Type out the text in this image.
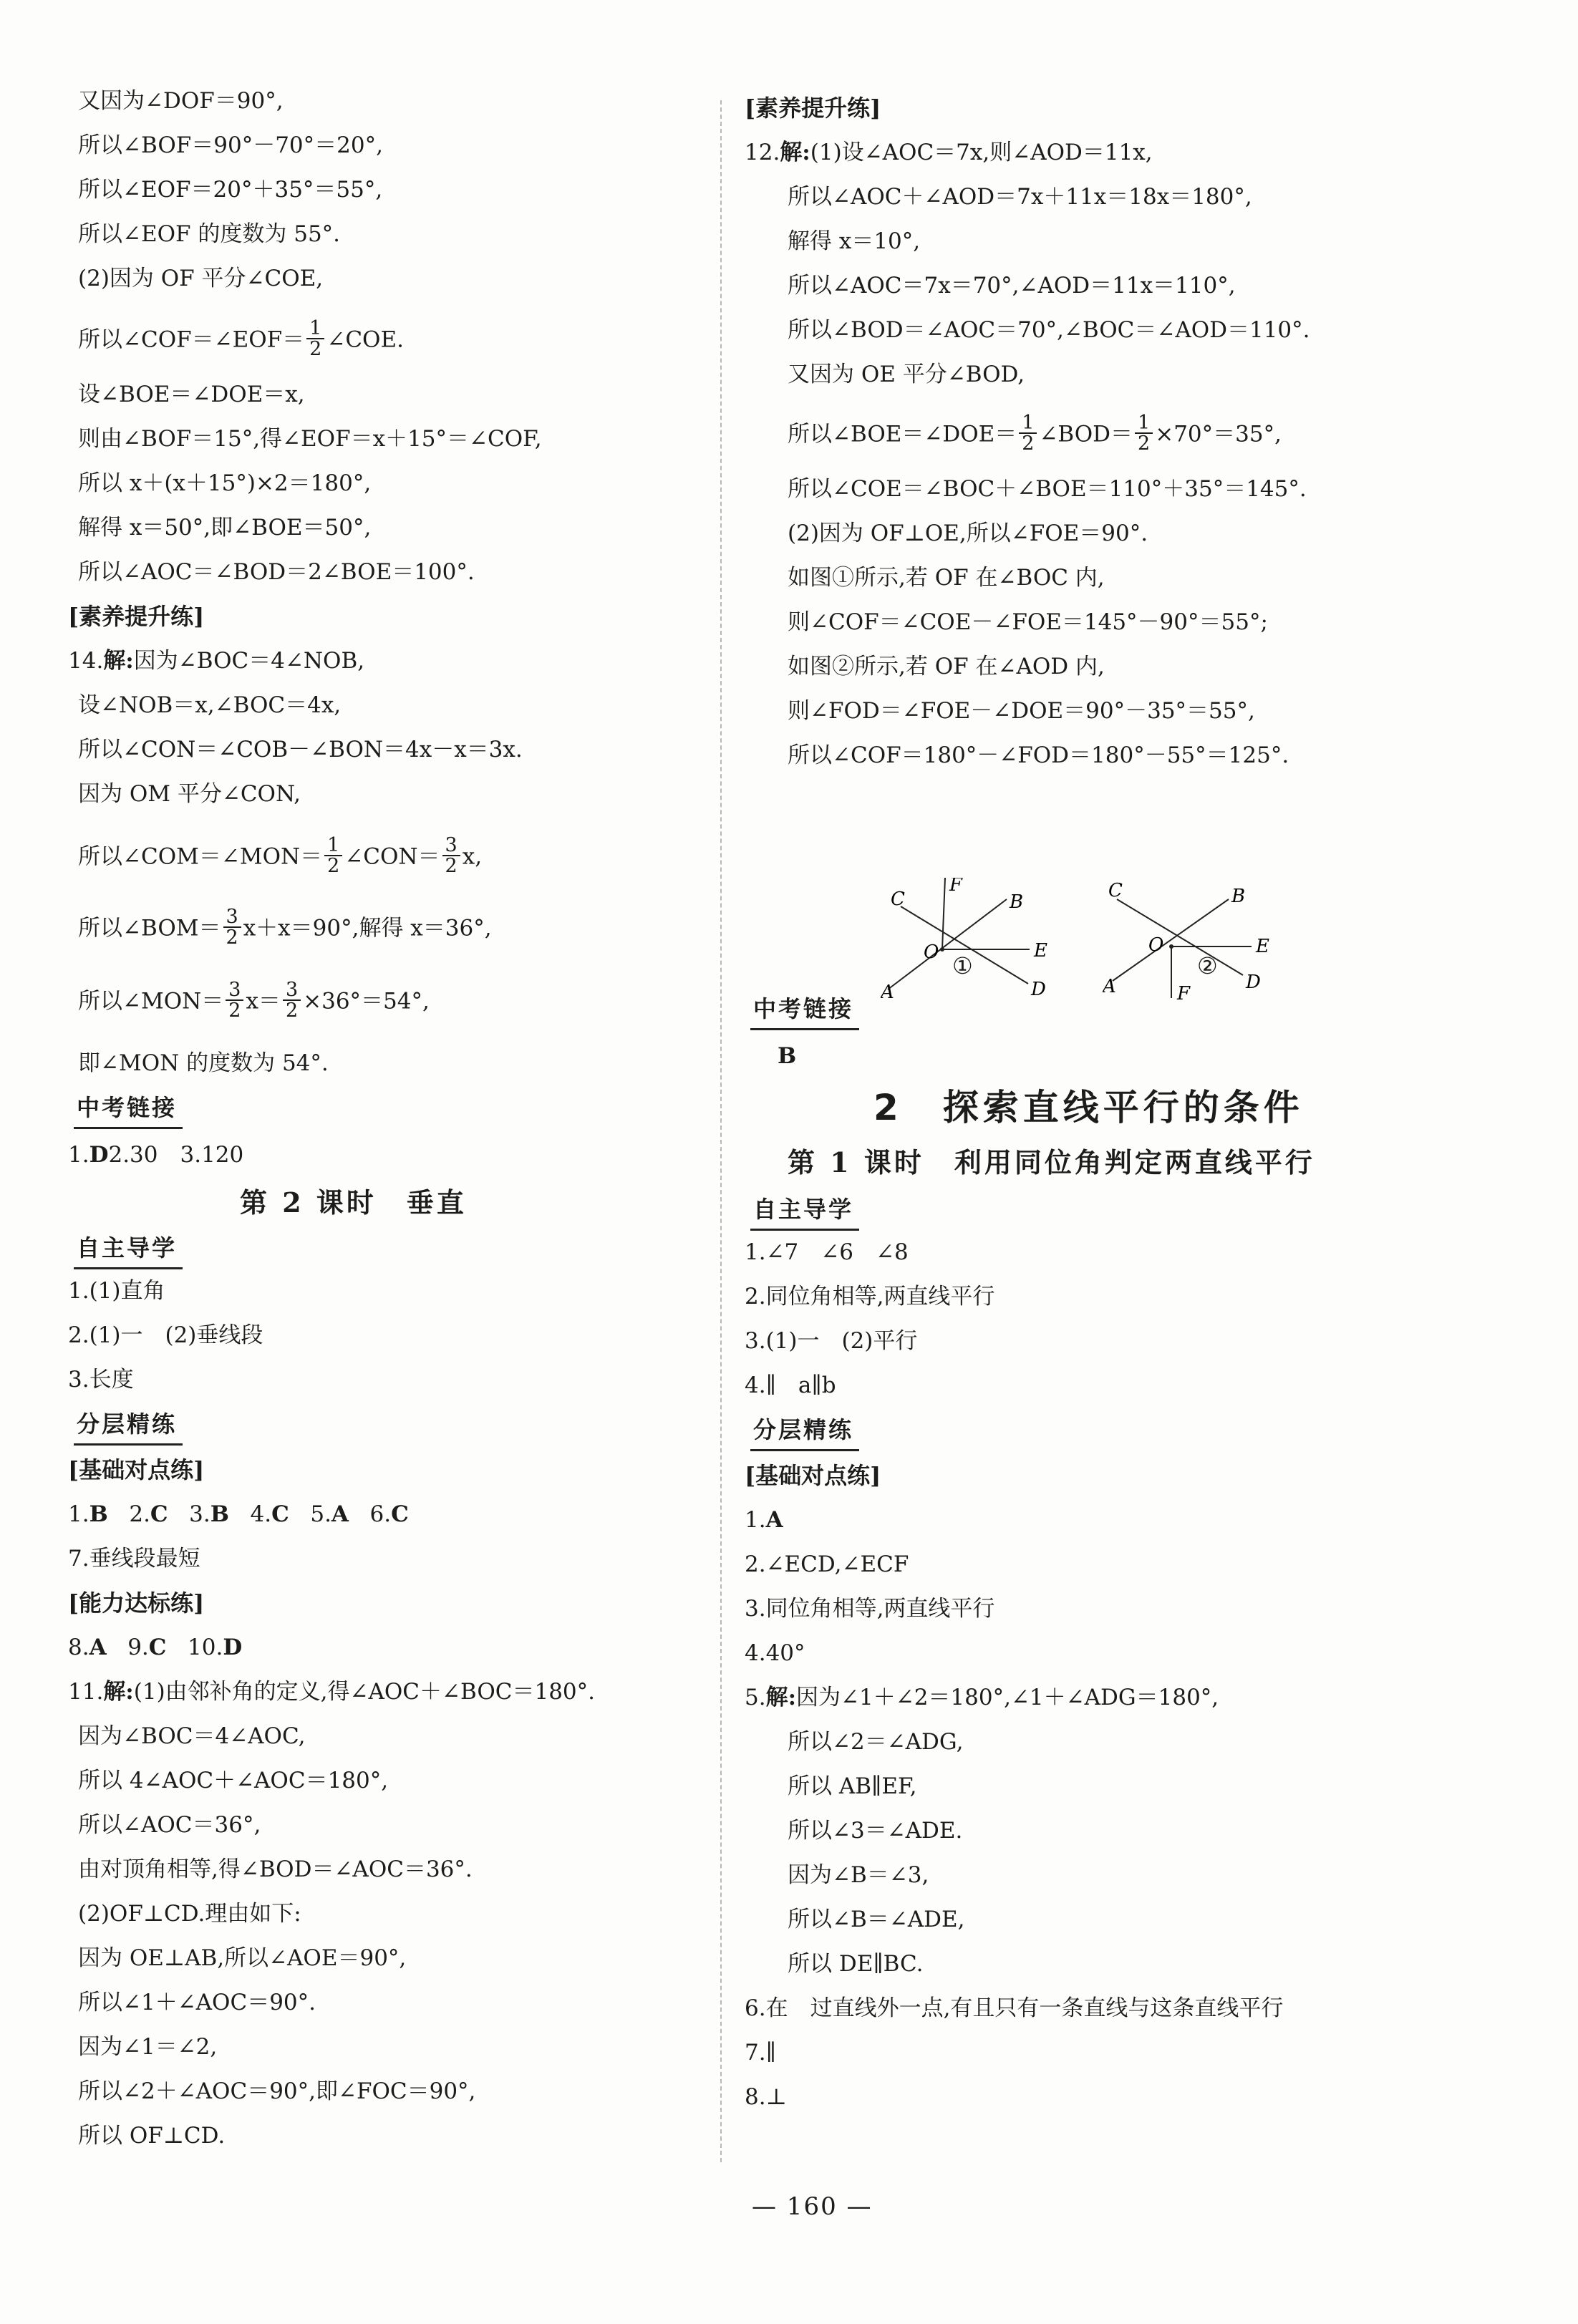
又因为∠DOF＝90°,
所以∠BOF＝90°－70°＝20°,
所以∠EOF＝20°＋35°＝55°,
所以∠EOF 的度数为 55°.
(2)因为 OF 平分∠COE,
所以∠COF＝∠EOF＝ $\frac{1}{2}$ ∠COE.
设∠BOE＝∠DOE＝x,
则由∠BOF＝15°,得∠EOF＝x＋15°＝∠COF,
所以 x＋(x＋15°)×2＝180°,
解得 x＝50°,即∠BOE＝50°,
所以∠AOC＝∠BOD＝2∠BOE＝100°.
[素养提升练]
14.解:因为∠BOC＝4∠NOB,
设∠NOB＝x,∠BOC＝4x,
所以∠CON＝∠COB－∠BON＝4x－x＝3x.
因为 OM 平分∠CON,
所以∠COM＝∠MON＝ $\frac{1}{2}$ ∠CON＝ $\frac{3}{2} x$,
所以∠BOM＝ $\frac{3}{2} x+x=90^\circ$,解得 x＝36°,
所以∠MON＝ $\frac{3}{2} x= \frac{3}{2} \times 36^\circ=54^\circ$,
即∠MON 的度数为 54°.
中考链接
1.D2.30　3.120
第 2 课时　垂直
自主导学
1.(1)直角
2.(1)一　(2)垂线段
3.长度
分层精练
[基础对点练]
1.B 2.C 3.B 4.C 5.A 6.C
7.垂线段最短
[能力达标练]
8.A 9.C 10.D
11.解:(1)由邻补角的定义,得∠AOC＋∠BOC＝180°.
因为∠BOC＝4∠AOC,
所以 4∠AOC＋∠AOC＝180°,
所以∠AOC＝36°,
由对顶角相等,得∠BOD＝∠AOC＝36°.
(2)OF⊥CD.理由如下:
因为 OE⊥AB,所以∠AOE＝90°,
所以∠1＋∠AOC＝90°.
因为∠1＝∠2,
所以∠2＋∠AOC＝90°,即∠FOC＝90°,
所以 OF⊥CD.
[素养提升练]
12.解:(1)设∠AOC＝7x,则∠AOD＝11x,
所以∠AOC＋∠AOD＝7x＋11x＝18x＝180°,
解得 x＝10°,
所以∠AOC＝7x＝70°,∠AOD＝11x＝110°,
所以∠BOD＝∠AOC＝70°,∠BOC＝∠AOD＝110°.
又因为 OE 平分∠BOD,
所以∠BOE＝∠DOE＝ $\frac{1}{2}$ ∠BOD＝ $\frac{1}{2} \times 70^\circ=35^\circ$,
所以∠COE＝∠BOC＋∠BOE＝110°＋35°＝145°.
(2)因为 OF⊥OE,所以∠FOE＝90°.
如图①所示,若 OF 在∠BOC 内,
则∠COF＝∠COE－∠FOE＝145°－90°＝55°;
如图②所示,若 OF 在∠AOD 内,
则∠FOD＝∠FOE－∠DOE＝90°－35°＝55°,
所以∠COF＝180°－∠FOD＝180°－55°＝125°.
C
F
B
O	E
A	D
①
C	B
O	E
A	F
D
②
中考链接
B
2　探索直线平行的条件
第 1 课时　利用同位角判定两直线平行
自主导学
1.∠7　∠6　∠8
2.同位角相等,两直线平行
3.(1)一　(2)平行
4.∥　a∥b
分层精练
[基础对点练]
1.A
2.∠ECD,∠ECF
3.同位角相等,两直线平行
4.40°
5.解:因为∠1＋∠2＝180°,∠1＋∠ADG＝180°,
所以∠2＝∠ADG,
所以 AB∥EF,
所以∠3＝∠ADE.
因为∠B＝∠3,
所以∠B＝∠ADE,
所以 DE∥BC.
6.在　过直线外一点,有且只有一条直线与这条直线平行
7.∥
8.⊥
— 160 —
